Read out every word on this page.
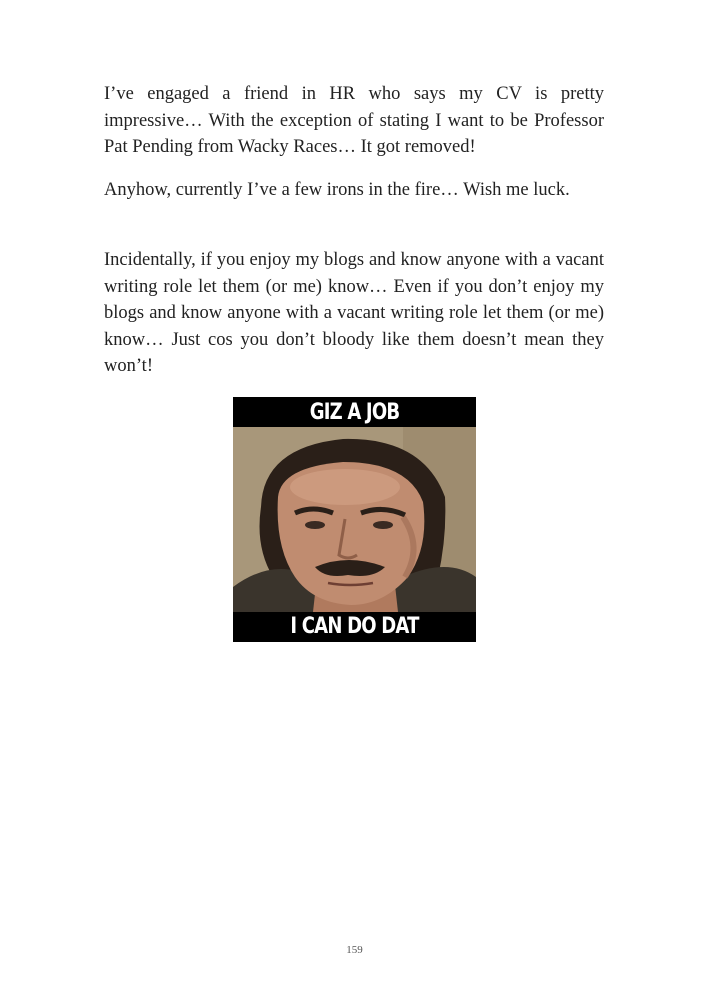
I’ve engaged a friend in HR who says my CV is pretty impressive… With the exception of stating I want to be Professor Pat Pending from Wacky Races… It got removed!

Anyhow, currently I’ve a few irons in the fire… Wish me luck.

Incidentally, if you enjoy my blogs and know anyone with a vacant writing role let them (or me) know… Even if you don’t enjoy my blogs and know anyone with a vacant writing role let them (or me) know… Just cos you don’t bloody like them doesn’t mean they won’t!

GIZ A JOB
I CAN DO DAT
159
